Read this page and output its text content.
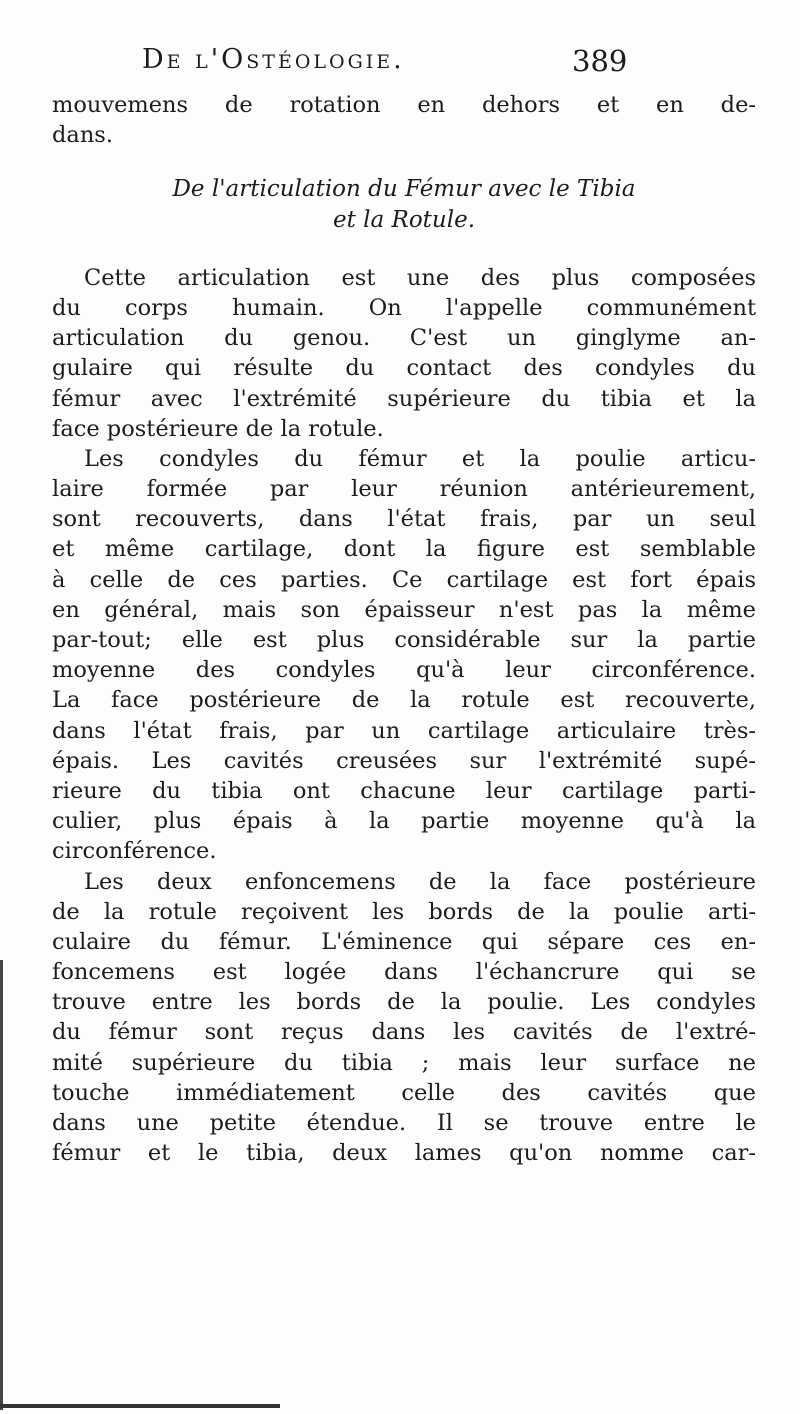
De l'Ostéologie.	389
mouvemens de rotation en dehors et en de-
dans.
De l'articulation du Fémur avec le Tibia
et la Rotule.
Cette articulation est une des plus composées
du corps humain. On l'appelle communément
articulation du genou. C'est un ginglyme an-
gulaire qui résulte du contact des condyles du
fémur avec l'extrémité supérieure du tibia et la
face postérieure de la rotule.
Les condyles du fémur et la poulie articu-
laire formée par leur réunion antérieurement,
sont recouverts, dans l'état frais, par un seul
et même cartilage, dont la figure est semblable
à celle de ces parties. Ce cartilage est fort épais
en général, mais son épaisseur n'est pas la même
par-tout; elle est plus considérable sur la partie
moyenne des condyles qu'à leur circonférence.
La face postérieure de la rotule est recouverte,
dans l'état frais, par un cartilage articulaire très-
épais. Les cavités creusées sur l'extrémité supé-
rieure du tibia ont chacune leur cartilage parti-
culier, plus épais à la partie moyenne qu'à la
circonférence.
Les deux enfoncemens de la face postérieure
de la rotule reçoivent les bords de la poulie arti-
culaire du fémur. L'éminence qui sépare ces en-
foncemens est logée dans l'échancrure qui se
trouve entre les bords de la poulie. Les condyles
du fémur sont reçus dans les cavités de l'extré-
mité supérieure du tibia ; mais leur surface ne
touche immédiatement celle des cavités que
dans une petite étendue. Il se trouve entre le
fémur et le tibia, deux lames qu'on nomme car-
